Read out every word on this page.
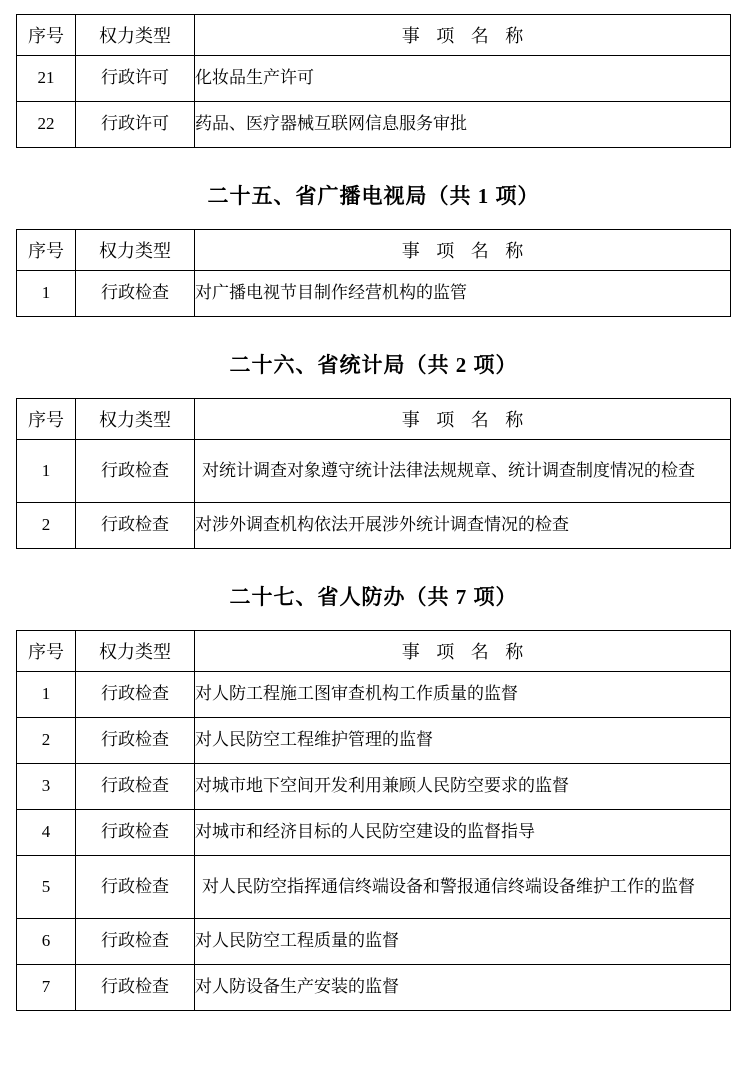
序号	权力类型	事 项 名 称
21	行政许可	化妆品生产许可
22	行政许可	药品、医疗器械互联网信息服务审批
二十五、省广播电视局（共 1 项）
序号	权力类型	事 项 名 称
1	行政检查	对广播电视节目制作经营机构的监管
二十六、省统计局（共 2 项）
序号	权力类型	事 项 名 称
1	行政检查	对统计调查对象遵守统计法律法规规章、统计调查制度情况的检查

2	行政检查	对涉外调查机构依法开展涉外统计调查情况的检查
二十七、省人防办（共 7 项）
序号	权力类型	事 项 名 称
1	行政检查	对人防工程施工图审查机构工作质量的监督
2	行政检查	对人民防空工程维护管理的监督
3	行政检查	对城市地下空间开发利用兼顾人民防空要求的监督
4	行政检查	对城市和经济目标的人民防空建设的监督指导
5	行政检查	对人民防空指挥通信终端设备和警报通信终端设备维护工作的监督

6	行政检查	对人民防空工程质量的监督
7	行政检查	对人防设备生产安装的监督
